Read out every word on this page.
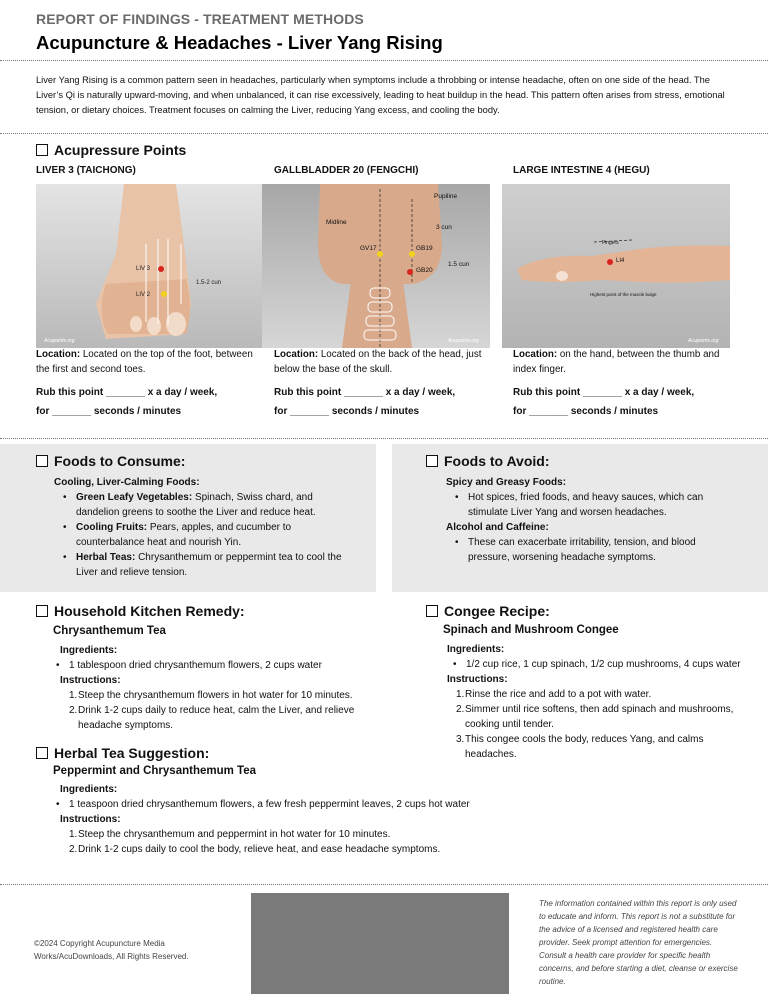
REPORT OF FINDINGS - TREATMENT METHODS
Acupuncture & Headaches - Liver Yang Rising
Liver Yang Rising is a common pattern seen in headaches, particularly when symptoms include a throbbing or intense headache, often on one side of the head. The Liver’s Qi is naturally upward-moving, and when unbalanced, it can rise excessively, leading to heat buildup in the head. This pattern often arises from stress, emotional tension, or dietary choices. Treatment focuses on calming the Liver, reducing Yang excess, and cooling the body.
Acupressure Points
LIVER 3 (TAICHONG)
LIV 3
LIV 2
1.5-2 cun
Acupoints.org
Location: Located on the top of the foot, between the first and second toes.
Rub this point _______ x a day / week,
for _______ seconds / minutes
GALLBLADDER 20 (FENGCHI)
Pupiline
Midline
3 cun
GV17	GB19
1.5 cun
GB20
Acupoints.org
Location: Located on the back of the head, just below the base of the skull.
Rub this point _______ x a day / week,
for _______ seconds / minutes
LARGE INTESTINE 4 (HEGU)
Fingers
LI4
Highest point of the muscle bulge
Acupoints.org
Location: on the hand, between the thumb and index finger.
Rub this point _______ x a day / week,
for _______ seconds / minutes
Foods to Consume:
Cooling, Liver-Calming Foods:
• Green Leafy Vegetables: Spinach, Swiss chard, and dandelion greens to soothe the Liver and reduce heat.
• Cooling Fruits: Pears, apples, and cucumber to counterbalance heat and nourish Yin.
• Herbal Teas: Chrysanthemum or peppermint tea to cool the Liver and relieve tension.
Foods to Avoid:
Spicy and Greasy Foods:
• Hot spices, fried foods, and heavy sauces, which can stimulate Liver Yang and worsen headaches.
Alcohol and Caffeine:
• These can exacerbate irritability, tension, and blood pressure, worsening headache symptoms.
Household Kitchen Remedy:
Chrysanthemum Tea
Ingredients:
• 1 tablespoon dried chrysanthemum flowers, 2 cups water
Instructions:
1. Steep the chrysanthemum flowers in hot water for 10 minutes.
2. Drink 1-2 cups daily to reduce heat, calm the Liver, and relieve headache symptoms.
Congee Recipe:
Spinach and Mushroom Congee
Ingredients:
• 1/2 cup rice, 1 cup spinach, 1/2 cup mushrooms, 4 cups water
Instructions:
1. Rinse the rice and add to a pot with water.
2. Simmer until rice softens, then add spinach and mushrooms, cooking until tender.
3. This congee cools the body, reduces Yang, and calms headaches.
Herbal Tea Suggestion:
Peppermint and Chrysanthemum Tea
Ingredients:
• 1 teaspoon dried chrysanthemum flowers, a few fresh peppermint leaves, 2 cups hot water
Instructions:
1. Steep the chrysanthemum and peppermint in hot water for 10 minutes.
2. Drink 1-2 cups daily to cool the body, relieve heat, and ease headache symptoms.
©2024 Copyright Acupuncture Media Works/AcuDownloads, All Rights Reserved.
The information contained within this report is only used to educate and inform. This report is not a substitute for the advice of a licensed and registered health care provider. Seek prompt attention for emergencies. Consult a health care provider for specific health concerns, and before starting a diet, cleanse or exercise routine.
